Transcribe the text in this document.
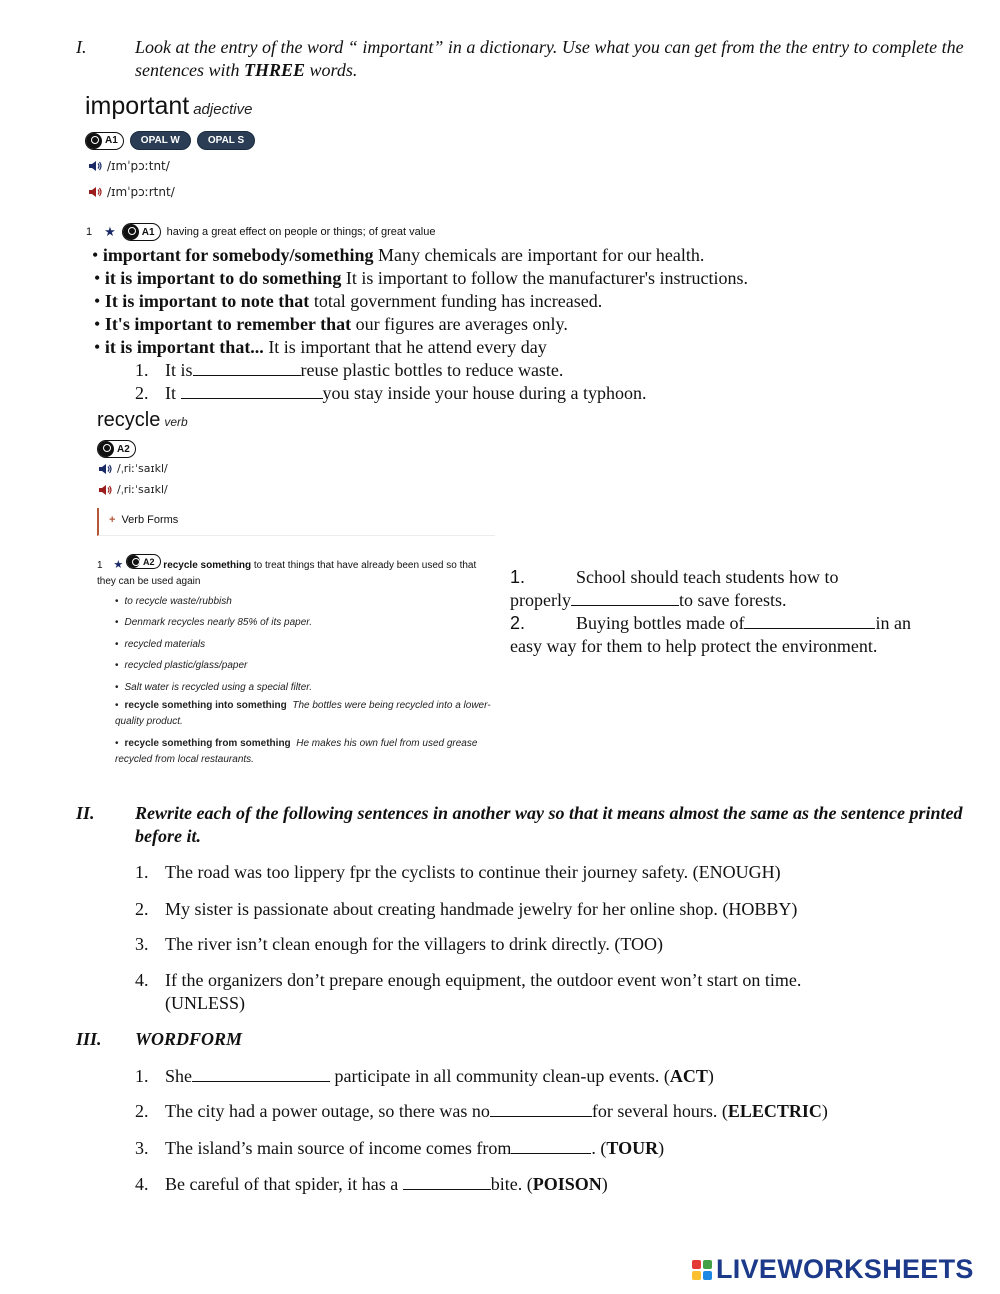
I.	Look at the entry of the word “ important” in a dictionary. Use what you can get from the the entry to complete the sentences with THREE words.
important adjective
A1	OPAL W	OPAL S
/ɪmˈpɔːtnt/
/ɪmˈpɔːrtnt/
1 ★	A1 having a great effect on people or things; of great value
• important for somebody/something Many chemicals are important for our health.
• it is important to do something It is important to follow the manufacturer's instructions.
• It is important to note that total government funding has increased.
• It's important to remember that our figures are averages only.
• it is important that... It is important that he attend every day
1. It is	reuse plastic bottles to reduce waste.
2. It	you stay inside your house during a typhoon.
recycle verb
A2
/ˌriːˈsaɪkl/
/ˌriːˈsaɪkl/
+ Verb Forms
1 ★ A2 recycle something to treat things that have already been used so that they can be used again
• to recycle waste/rubbish
• Denmark recycles nearly 85% of its paper.
• recycled materials
• recycled plastic/glass/paper
• Salt water is recycled using a special filter.
• recycle something into something The bottles were being recycled into a lower-quality product.
• recycle something from something He makes his own fuel from used grease recycled from local restaurants.
1.	School should teach students how to
properly	to save forests.
2.	Buying bottles made of	in an
easy way for them to help protect the environment.
II. Rewrite each of the following sentences in another way so that it means almost the same as the sentence printed before it.
1. The road was too lippery fpr the cyclists to continue their journey safety. (ENOUGH)
2. My sister is passionate about creating handmade jewelry for her online shop. (HOBBY)
3. The river isn’t clean enough for the villagers to drink directly. (TOO)
4. If the organizers don’t prepare enough equipment, the outdoor event won’t start on time.
(UNLESS)
III. WORDFORM
1. She	participate in all community clean-up events. (ACT)
2. The city had a power outage, so there was no	for several hours. (ELECTRIC)
3. The island’s main source of income comes from	. (TOUR)
4. Be careful of that spider, it has a	bite. (POISON)
LIVEWORKSHEETS
